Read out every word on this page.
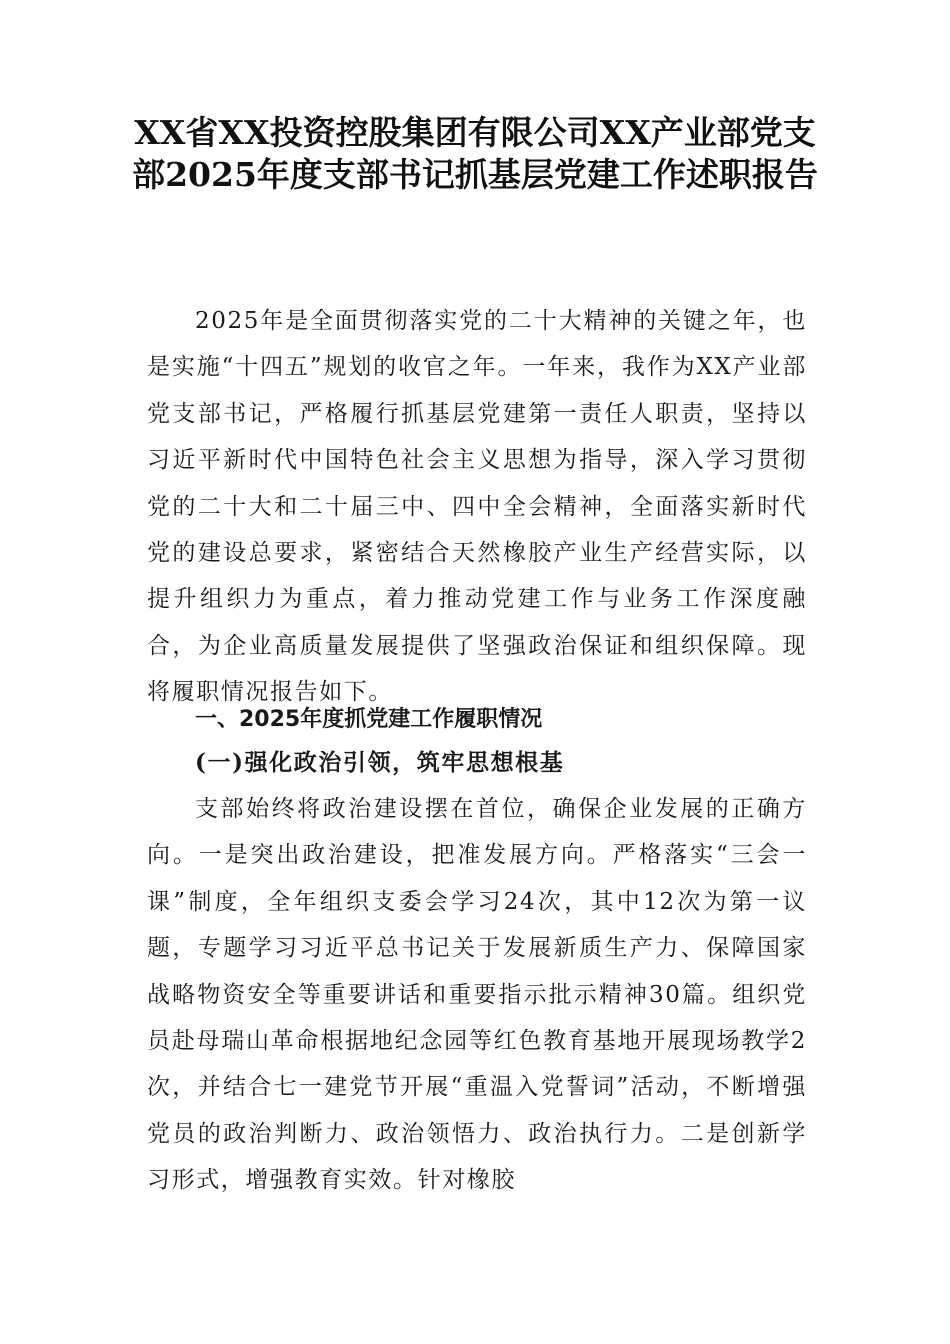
XX省XX投资控股集团有限公司XX产业部党支部2025年度支部书记抓基层党建工作述职报告

2025年是全面贯彻落实党的二十大精神的关键之年，也是实施“十四五”规划的收官之年。一年来，我作为XX产业部党支部书记，严格履行抓基层党建第一责任人职责，坚持以习近平新时代中国特色社会主义思想为指导，深入学习贯彻党的二十大和二十届三中、四中全会精神，全面落实新时代党的建设总要求，紧密结合天然橡胶产业生产经营实际，以提升组织力为重点，着力推动党建工作与业务工作深度融合，为企业高质量发展提供了坚强政治保证和组织保障。现将履职情况报告如下。

一、2025年度抓党建工作履职情况
(一)强化政治引领，筑牢思想根基

支部始终将政治建设摆在首位，确保企业发展的正确方向。一是突出政治建设，把准发展方向。严格落实“三会一课”制度，全年组织支委会学习24次，其中12次为第一议题，专题学习习近平总书记关于发展新质生产力、保障国家战略物资安全等重要讲话和重要指示批示精神30篇。组织党员赴母瑞山革命根据地纪念园等红色教育基地开展现场教学2次，并结合七一建党节开展“重温入党誓词”活动，不断增强党员的政治判断力、政治领悟力、政治执行力。二是创新学习形式，增强教育实效。针对橡胶
